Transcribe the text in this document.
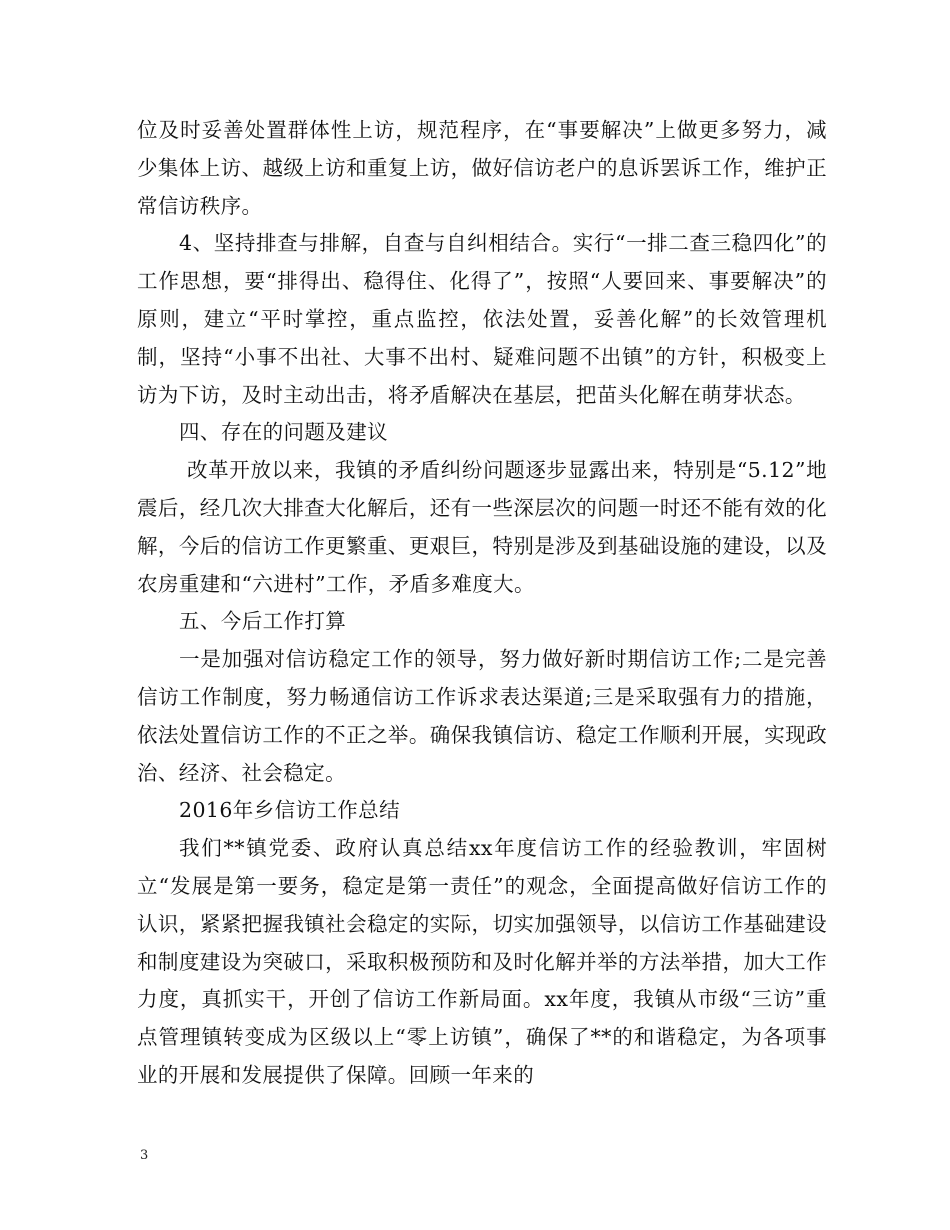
位及时妥善处置群体性上访，规范程序，在“事要解决”上做更多努力，减少集体上访、越级上访和重复上访，做好信访老户的息诉罢诉工作，维护正常信访秩序。

4、坚持排查与排解，自查与自纠相结合。实行“一排二查三稳四化”的工作思想，要“排得出、稳得住、化得了”，按照“人要回来、事要解决”的原则，建立“平时掌控，重点监控，依法处置，妥善化解”的长效管理机制，坚持“小事不出社、大事不出村、疑难问题不出镇”的方针，积极变上访为下访，及时主动出击，将矛盾解决在基层，把苗头化解在萌芽状态。

四、存在的问题及建议

改革开放以来，我镇的矛盾纠纷问题逐步显露出来，特别是“5.12”地震后，经几次大排查大化解后，还有一些深层次的问题一时还不能有效的化解，今后的信访工作更繁重、更艰巨，特别是涉及到基础设施的建设，以及农房重建和“六进村”工作，矛盾多难度大。

五、今后工作打算

一是加强对信访稳定工作的领导，努力做好新时期信访工作;二是完善信访工作制度，努力畅通信访工作诉求表达渠道;三是采取强有力的措施，依法处置信访工作的不正之举。确保我镇信访、稳定工作顺利开展，实现政治、经济、社会稳定。

2016年乡信访工作总结

我们**镇党委、政府认真总结xx年度信访工作的经验教训，牢固树立“发展是第一要务，稳定是第一责任”的观念，全面提高做好信访工作的认识，紧紧把握我镇社会稳定的实际，切实加强领导，以信访工作基础建设和制度建设为突破口，采取积极预防和及时化解并举的方法举措，加大工作力度，真抓实干，开创了信访工作新局面。xx年度，我镇从市级“三访”重点管理镇转变成为区级以上“零上访镇”，确保了**的和谐稳定，为各项事业的开展和发展提供了保障。回顾一年来的

3
